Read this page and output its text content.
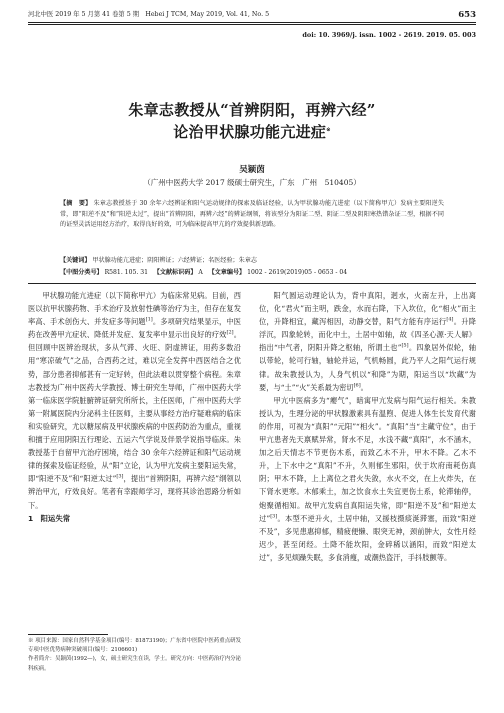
河北中医 2019 年 5 月第 41 卷第 5 期　Hebei J TCM, May 2019, Vol. 41, No. 5	653
doi: 10. 3969/j. issn. 1002 - 2619. 2019. 05. 003
朱章志教授从“首辨阴阳，再辨六经”
论治甲状腺功能亢进症※
吴颖茵
（广州中医药大学 2017 级硕士研究生，广东　广州　510405）
【摘　要】 朱章志教授基于 30 余年六经辨证和阳气运动规律的探索及临证经验，认为甲状腺功能亢进症（以下简称甲亢）发病主要阳逆失常，即“阳逆不及”和“阳逆太过”，提出“首辨阴阳，再辨六经”的辨证纲领，将该型分为阳证二型、阴证二型及阴阳寒热错杂证二型，根据不同的证型灵活运用经方治疗，取得良好的效，可为临床提高甲亢的疗效提供新思路。
【关键词】 甲状腺功能亢进症；阴阳辨证；六经辨证；名医经验；朱章志
【中图分类号】 R581. 105. 31 【文献标识码】 A 【文章编号】 1002 - 2619(2019)05 - 0653 - 04

甲状腺功能亢进症（以下简称甲亢）为临床常见病。目前，西医以抗甲状腺药物、手术治疗及放射性碘等治疗为主，但存在复发率高、手术创伤大、并发症多等问题[1]。多项研究结果显示，中医药在改善甲亢症状、降低并发症、复发率中显示出良好的疗效[2]。但回顾中医辨治现状，多从气滞、火旺、阴虚辨证，用药多数沿用“寒凉破气”之品，合西药之过，难以完全发挥中西医结合之优势，部分患者抑郁甚有一定好转，但此法难以贯穿整个病程。朱章志教授为广州中医药大学教授、博士研究生导师，广州中医药大学第一临床医学院脏腑辨证研究所所长，主任医师，广州中医药大学第一附属医院内分泌科主任医师，主要从事经方治疗疑难病的临床和实验研究，尤以糖尿病及甲状腺疾病的中医药防治为重点，重视和擅于应用阴阳五行理论、五运六气学说及伴景学说指导临床。朱教授基于自留甲亢治疗困境，结合 30 余年六经辨证和阳气运动规律的探索及临证经验，从“阳”立论，认为甲亢发病主要阳运失常，即“阳逆不及”和“阳逆太过”[3]，提出“首辨阴阳，再辨六经”纲领以辨治甲亢，疗效良好。笔者有幸跟师学习，现将其诊治思路分析如下。

1　阳运失常
※ 项目来源：国家自然科学基金项目(编号：81873190)；广东省中医院中医药重点研发专项中医优势病种突破项目(编号：2106601)
作者简介：吴颖茵(1992—)，女，硕士研究生在读，学士。研究方向：中医药治疗内分泌科疾病。

阳气圆运动理论认为，背中真阳，迥水，火南左升，上出离位，化“君火”而主明，跌金，水而右降，下入坎位，化“相火”而主位，升降相宜，藏泻相因，动静交替，阳气方能有序运行[4]。升降浮沉，四象轮转，而化中土，土居中如轴，故《四圣心源·天人解》指出“中气者，阴阳升降之枢轴，所谓土也”[5]。四象居外似轮，轴以带轮，轮可行轴，轴轮并运，气机畅圆，此乃平人之阳气运行规律。故朱教授认为，人身气机以“和降”为期，阳运当以“坎藏”为要，与“土”“火”关系最为密切[6]。

甲亢中医病多为“瘿气”，暗寓甲亢发病与阳气运行相关。朱教授认为，生理分泌的甲状腺激素具有温煦、促进人体生长发育代谢的作用，可视为“真阳”“元阳”“相火”。“真阳”当“主藏守位”，由于甲亢患者先天禀赋异常，肾水不足，水浅不藏“真阳”，水不涵木，加之后天情志不节更伤木系，而致乙木不升，甲木不降。乙木不升，上下水中之“真阳”不升，久则郁生邪阳，伏于坎府南耗伤真阴；甲木不降，上上离位之君火失敛，水火不交，在上火炸失，在下肾水更寒。木郁乘土，加之饮食水土失宜更伤土系，轮滞轴停，炮聚循相知。故甲亢发病自真阳运失常，即“阳逆不及”和“阳逆太过”[3]。本型不逆升火，土居中轴，又援枝摄痰涎滞塞，而致“阳逆不及”，多见患惠抑郁，精疲便懒、眼突无神，颈前肿大，女性月经迟少，甚至闭经。土降不能坎阳，金碎稀以涵阳，而致“阳逆太过”，多见烦躁失眠，多食消瘦，或潮热盗汗，手抖肢颤等。
